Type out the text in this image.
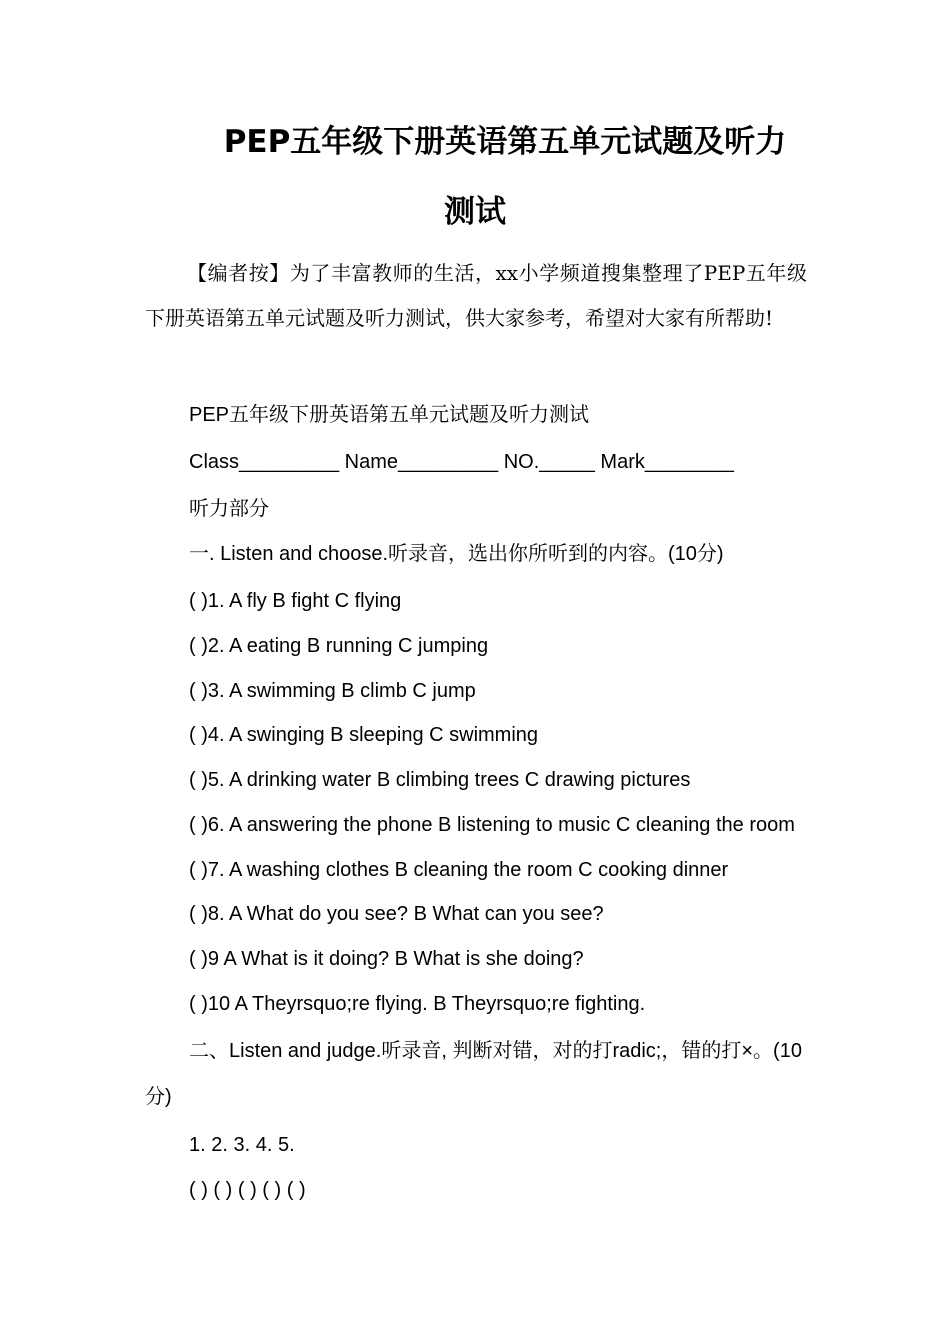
PEP五年级下册英语第五单元试题及听力
测试

【编者按】为了丰富教师的生活，xx小学频道搜集整理了PEP五年级下册英语第五单元试题及听力测试，供大家参考，希望对大家有所帮助!

PEP五年级下册英语第五单元试题及听力测试
Class_________ Name_________ NO._____ Mark________
听力部分
一. Listen and choose.听录音，选出你所听到的内容。(10分)
( )1. A fly B fight C flying
( )2. A eating B running C jumping
( )3. A swimming B climb C jump
( )4. A swinging B sleeping C swimming
( )5. A drinking water B climbing trees C drawing pictures
( )6. A answering the phone B listening to music C cleaning the room
( )7. A washing clothes B cleaning the room C cooking dinner
( )8. A What do you see? B What can you see?
( )9 A What is it doing? B What is she doing?
( )10 A Theyrsquo;re flying. B Theyrsquo;re fighting.
二、Listen and judge.听录音, 判断对错，对的打radic;，错的打×。(10分)
1. 2. 3. 4. 5.
( ) ( ) ( ) ( ) ( )
